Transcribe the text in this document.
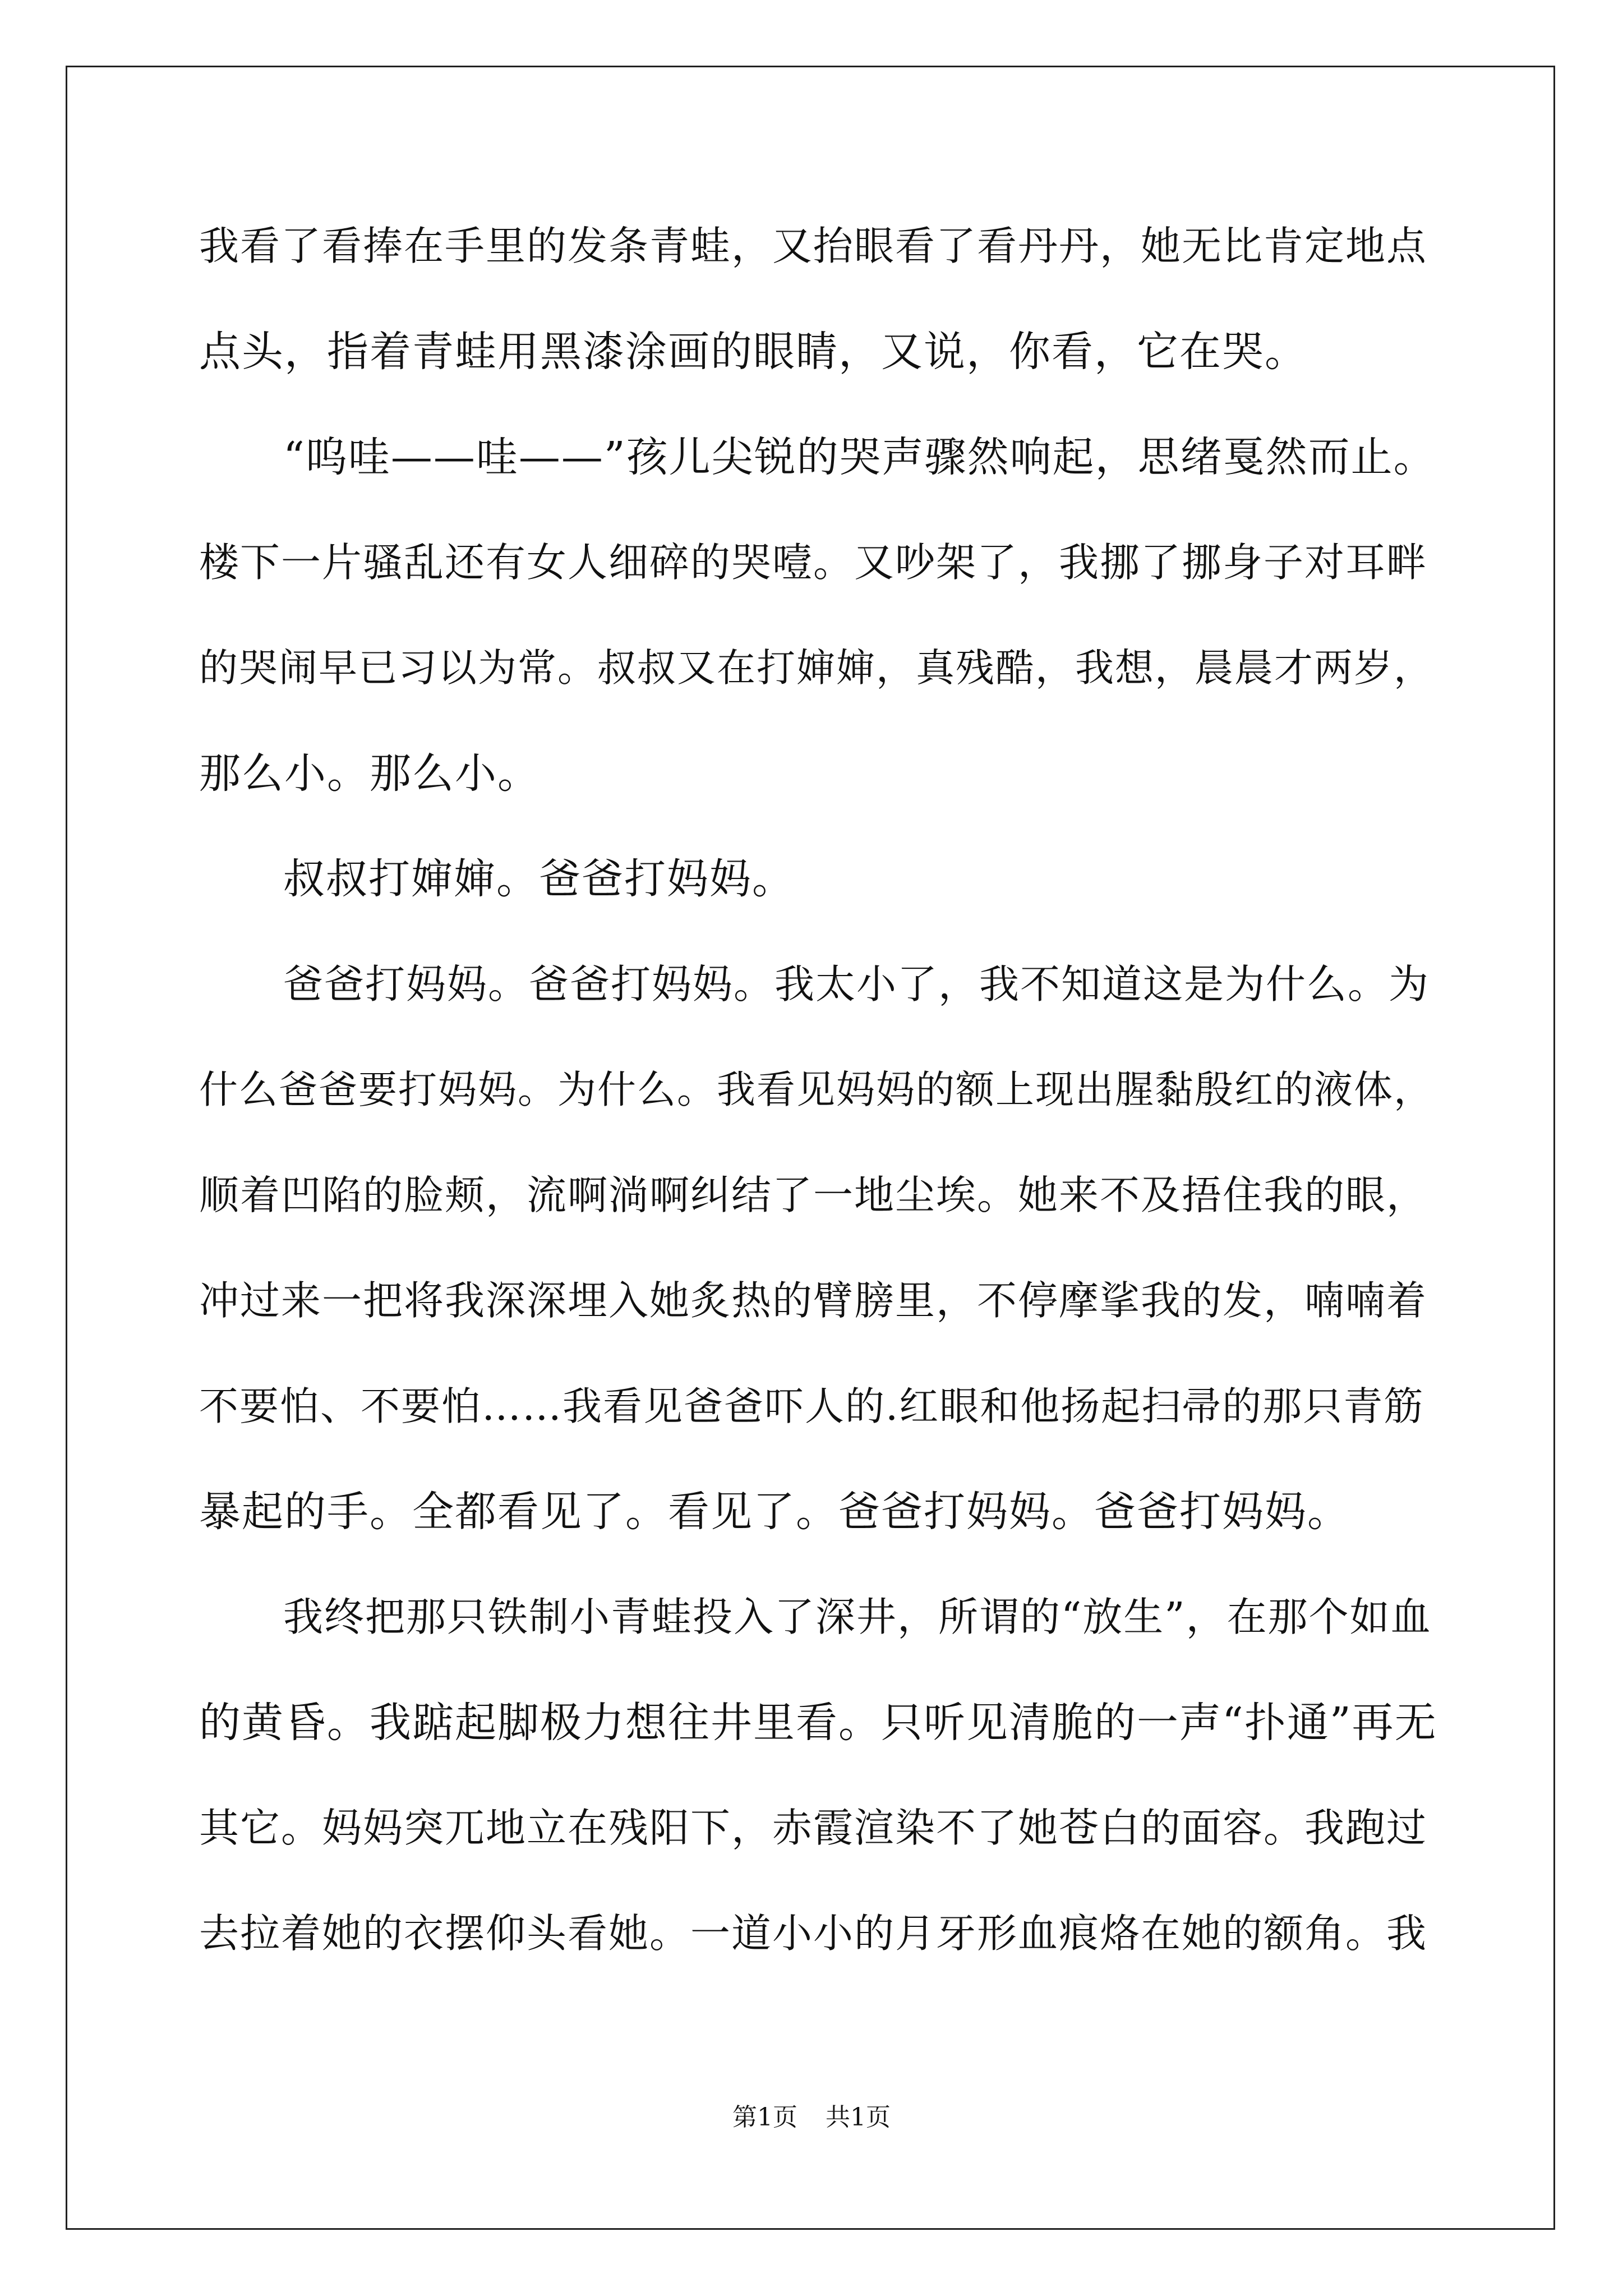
我看了看捧在手里的发条青蛙，又抬眼看了看丹丹，她无比肯定地点
点头，指着青蛙用黑漆涂画的眼睛，又说，你看，它在哭。
“呜哇——哇——”孩儿尖锐的哭声骤然响起，思绪戛然而止。
楼下一片骚乱还有女人细碎的哭噎。又吵架了，我挪了挪身子对耳畔
的哭闹早已习以为常。叔叔又在打婶婶，真残酷，我想，晨晨才两岁，
那么小。那么小。
叔叔打婶婶。爸爸打妈妈。
爸爸打妈妈。爸爸打妈妈。我太小了，我不知道这是为什么。为
什么爸爸要打妈妈。为什么。我看见妈妈的额上现出腥黏殷红的液体，
顺着凹陷的脸颊，流啊淌啊纠结了一地尘埃。她来不及捂住我的眼，
冲过来一把将我深深埋入她炙热的臂膀里，不停摩挲我的发，喃喃着
不要怕、不要怕……我看见爸爸吓人的.红眼和他扬起扫帚的那只青筋
暴起的手。全都看见了。看见了。爸爸打妈妈。爸爸打妈妈。
我终把那只铁制小青蛙投入了深井，所谓的“放生”，在那个如血
的黄昏。我踮起脚极力想往井里看。只听见清脆的一声“扑通”再无
其它。妈妈突兀地立在残阳下，赤霞渲染不了她苍白的面容。我跑过
去拉着她的衣摆仰头看她。一道小小的月牙形血痕烙在她的额角。我
第1页 共1页
